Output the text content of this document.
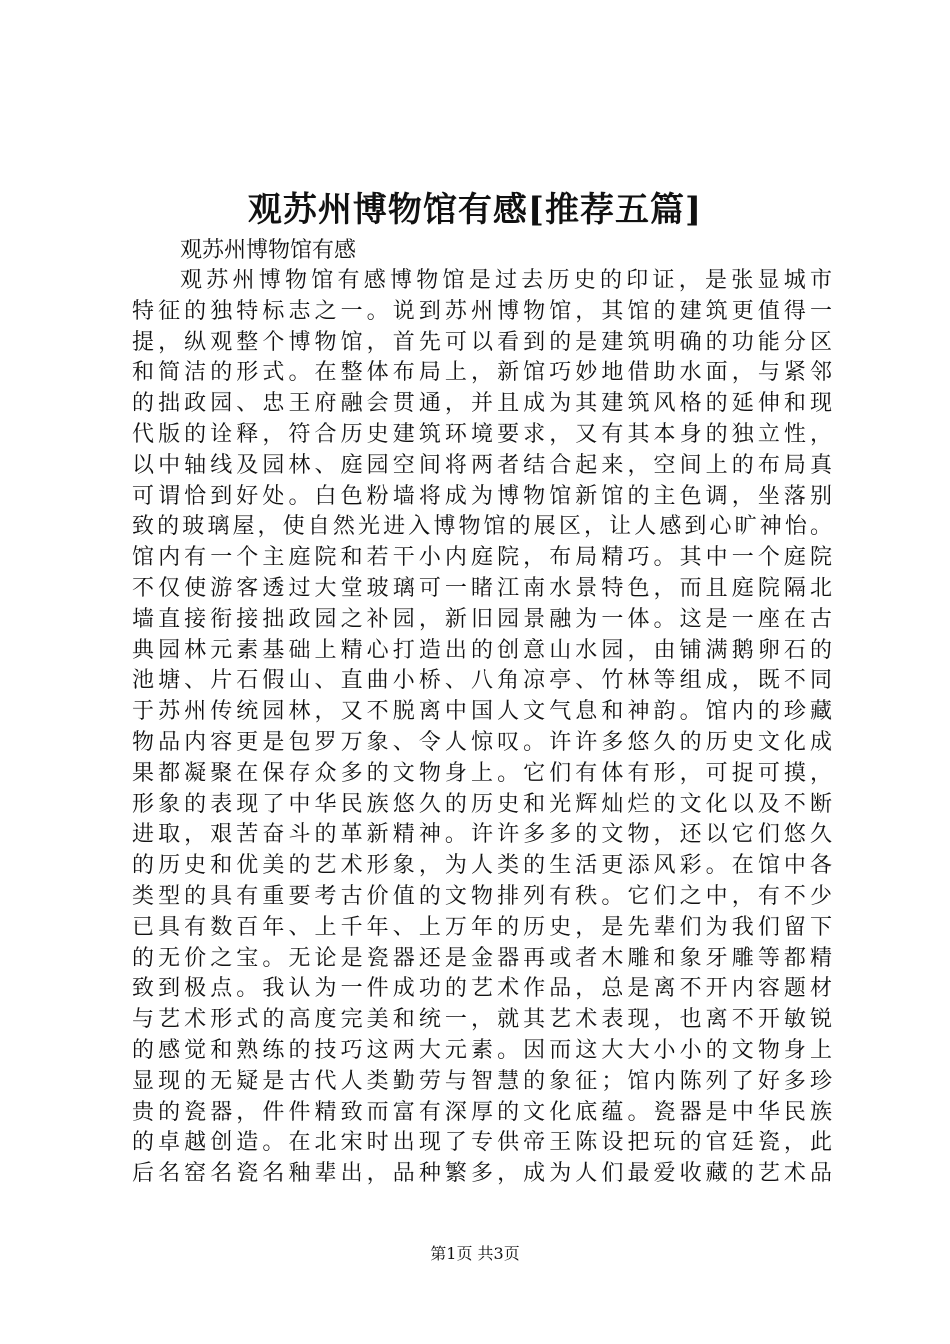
观苏州博物馆有感[推荐五篇]

观苏州博物馆有感

观苏州博物馆有感博物馆是过去历史的印证，是张显城市

特征的独特标志之一。说到苏州博物馆，其馆的建筑更值得一

提，纵观整个博物馆，首先可以看到的是建筑明确的功能分区

和简洁的形式。在整体布局上，新馆巧妙地借助水面，与紧邻

的拙政园、忠王府融会贯通，并且成为其建筑风格的延伸和现

代版的诠释，符合历史建筑环境要求，又有其本身的独立性，

以中轴线及园林、庭园空间将两者结合起来，空间上的布局真

可谓恰到好处。白色粉墙将成为博物馆新馆的主色调，坐落别

致的玻璃屋，使自然光进入博物馆的展区，让人感到心旷神怡。

馆内有一个主庭院和若干小内庭院，布局精巧。其中一个庭院

不仅使游客透过大堂玻璃可一睹江南水景特色，而且庭院隔北

墙直接衔接拙政园之补园，新旧园景融为一体。这是一座在古

典园林元素基础上精心打造出的创意山水园，由铺满鹅卵石的

池塘、片石假山、直曲小桥、八角凉亭、竹林等组成，既不同

于苏州传统园林，又不脱离中国人文气息和神韵。馆内的珍藏

物品内容更是包罗万象、令人惊叹。许许多悠久的历史文化成

果都凝聚在保存众多的文物身上。它们有体有形，可捉可摸，

形象的表现了中华民族悠久的历史和光辉灿烂的文化以及不断

进取，艰苦奋斗的革新精神。许许多多的文物，还以它们悠久

的历史和优美的艺术形象，为人类的生活更添风彩。在馆中各

类型的具有重要考古价值的文物排列有秩。它们之中，有不少

已具有数百年、上千年、上万年的历史，是先辈们为我们留下

的无价之宝。无论是瓷器还是金器再或者木雕和象牙雕等都精

致到极点。我认为一件成功的艺术作品，总是离不开内容题材

与艺术形式的高度完美和统一，就其艺术表现，也离不开敏锐

的感觉和熟练的技巧这两大元素。因而这大大小小的文物身上

显现的无疑是古代人类勤劳与智慧的象征；馆内陈列了好多珍

贵的瓷器，件件精致而富有深厚的文化底蕴。瓷器是中华民族

的卓越创造。在北宋时出现了专供帝王陈设把玩的官廷瓷，此

后名窑名瓷名釉辈出，品种繁多，成为人们最爱收藏的艺术品

第1页 共3页
